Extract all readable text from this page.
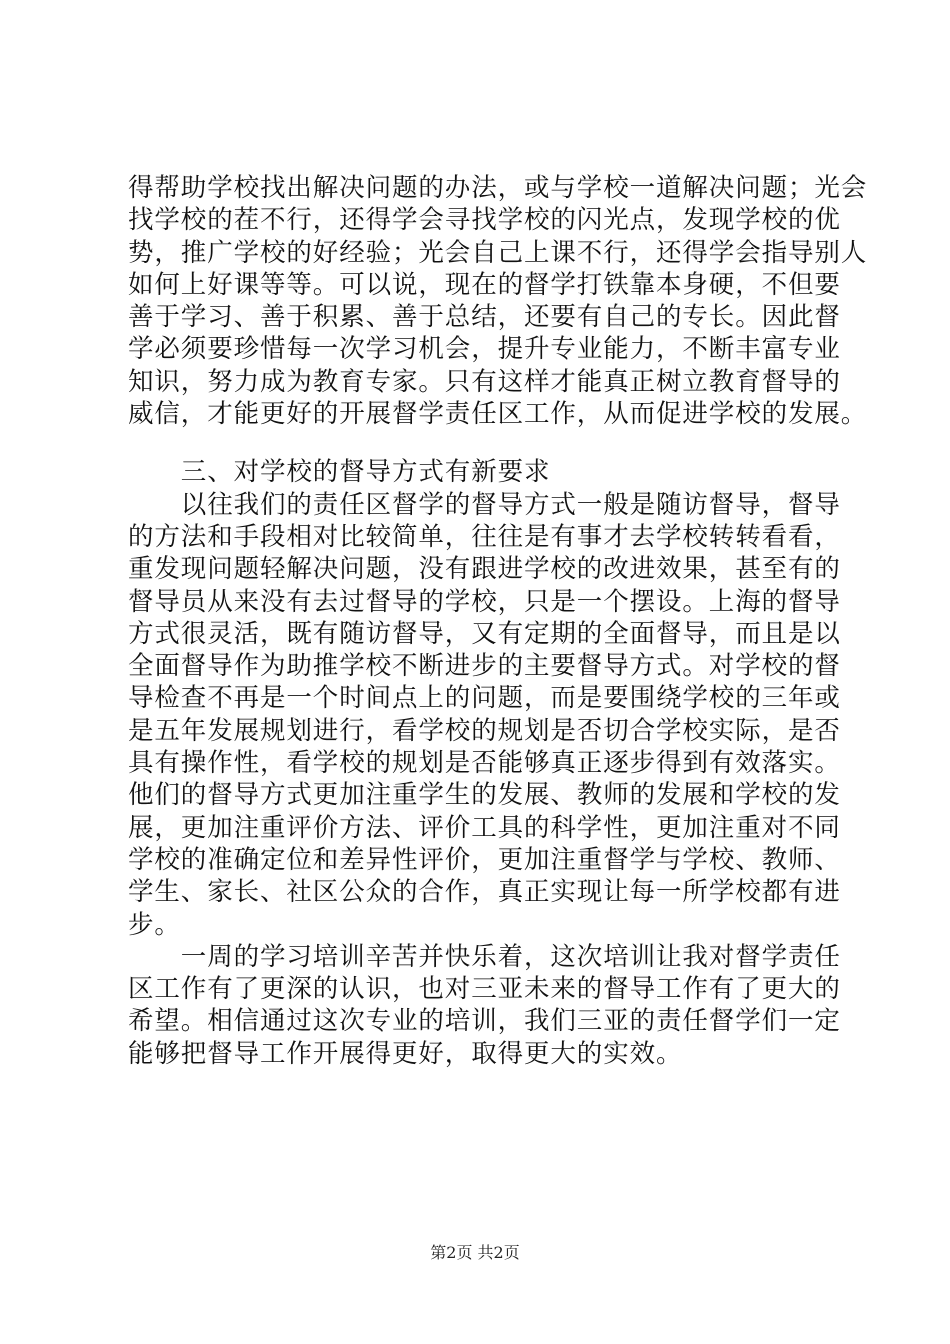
得帮助学校找出解决问题的办法，或与学校一道解决问题；光会
找学校的茬不行，还得学会寻找学校的闪光点，发现学校的优
势，推广学校的好经验；光会自己上课不行，还得学会指导别人
如何上好课等等。可以说，现在的督学打铁靠本身硬，不但要
善于学习、善于积累、善于总结，还要有自己的专长。因此督
学必须要珍惜每一次学习机会，提升专业能力，不断丰富专业
知识，努力成为教育专家。只有这样才能真正树立教育督导的
威信，才能更好的开展督学责任区工作，从而促进学校的发展。
　　三、对学校的督导方式有新要求
　　以往我们的责任区督学的督导方式一般是随访督导，督导
的方法和手段相对比较简单，往往是有事才去学校转转看看，
重发现问题轻解决问题，没有跟进学校的改进效果，甚至有的
督导员从来没有去过督导的学校，只是一个摆设。上海的督导
方式很灵活，既有随访督导，又有定期的全面督导，而且是以
全面督导作为助推学校不断进步的主要督导方式。对学校的督
导检查不再是一个时间点上的问题，而是要围绕学校的三年或
是五年发展规划进行，看学校的规划是否切合学校实际，是否
具有操作性，看学校的规划是否能够真正逐步得到有效落实。
他们的督导方式更加注重学生的发展、教师的发展和学校的发
展，更加注重评价方法、评价工具的科学性，更加注重对不同
学校的准确定位和差异性评价，更加注重督学与学校、教师、
学生、家长、社区公众的合作，真正实现让每一所学校都有进
步。
　　一周的学习培训辛苦并快乐着，这次培训让我对督学责任
区工作有了更深的认识，也对三亚未来的督导工作有了更大的
希望。相信通过这次专业的培训，我们三亚的责任督学们一定
能够把督导工作开展得更好，取得更大的实效。
第2页 共2页
